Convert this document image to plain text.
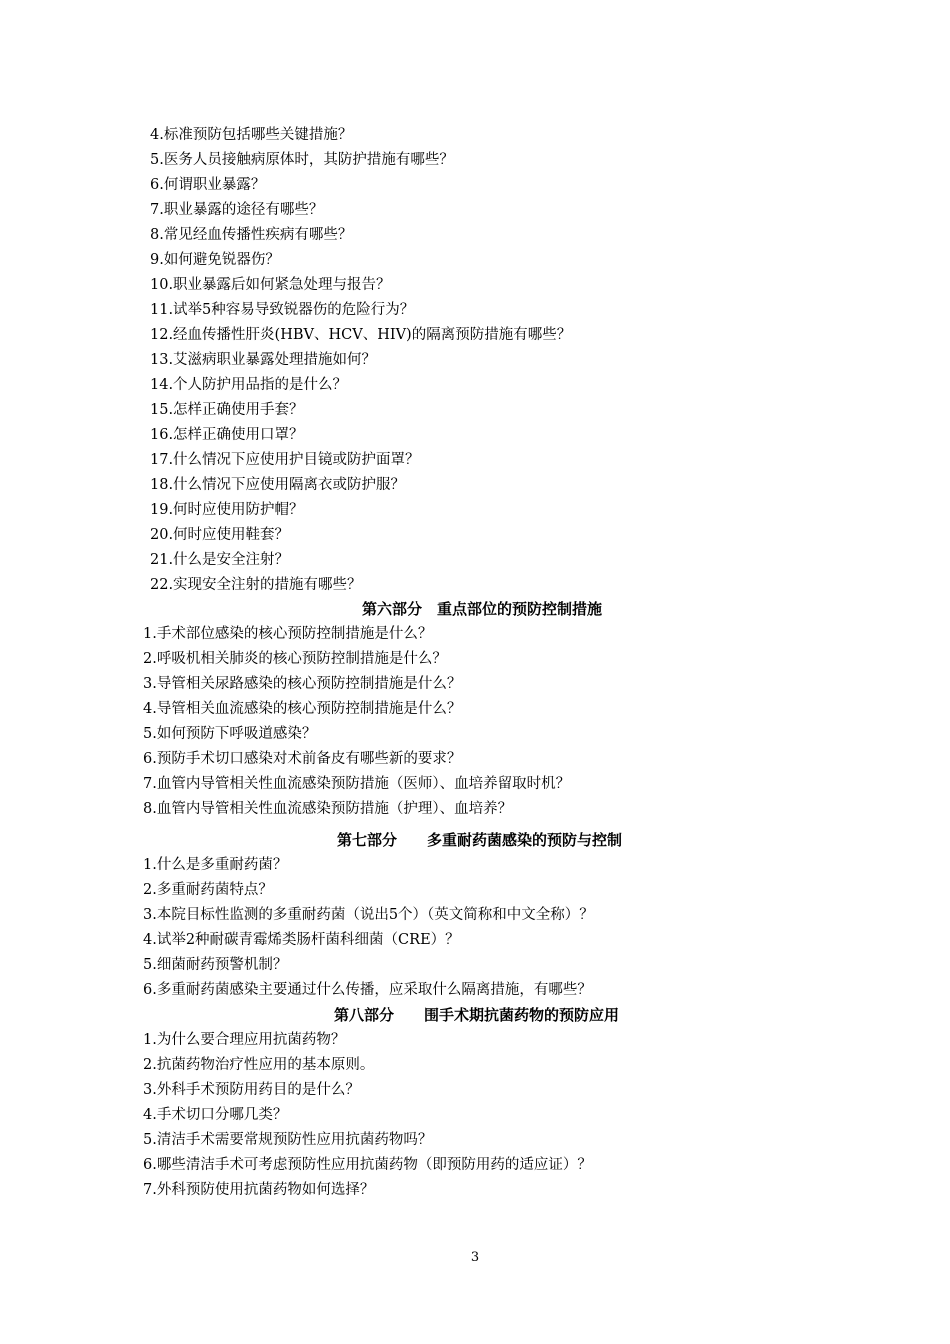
4.标准预防包括哪些关键措施？
5.医务人员接触病原体时，其防护措施有哪些？
6.何谓职业暴露？
7.职业暴露的途径有哪些？
8.常见经血传播性疾病有哪些？
9.如何避免锐器伤？
10.职业暴露后如何紧急处理与报告？
11.试举5种容易导致锐器伤的危险行为？
12.经血传播性肝炎(HBV、HCV、HIV)的隔离预防措施有哪些？
13.艾滋病职业暴露处理措施如何？
14.个人防护用品指的是什么？
15.怎样正确使用手套？
16.怎样正确使用口罩？
17.什么情况下应使用护目镜或防护面罩？
18.什么情况下应使用隔离衣或防护服？
19.何时应使用防护帽？
20.何时应使用鞋套？
21.什么是安全注射？
22.实现安全注射的措施有哪些？
第六部分　重点部位的预防控制措施
1.手术部位感染的核心预防控制措施是什么？
2.呼吸机相关肺炎的核心预防控制措施是什么？
3.导管相关尿路感染的核心预防控制措施是什么？
4.导管相关血流感染的核心预防控制措施是什么？
5.如何预防下呼吸道感染？
6.预防手术切口感染对术前备皮有哪些新的要求？
7.血管内导管相关性血流感染预防措施（医师）、血培养留取时机？
8.血管内导管相关性血流感染预防措施（护理）、血培养？
第七部分　　多重耐药菌感染的预防与控制
1.什么是多重耐药菌？
2.多重耐药菌特点？
3.本院目标性监测的多重耐药菌（说出5个）（英文简称和中文全称）？
4.试举2种耐碳青霉烯类肠杆菌科细菌（CRE）？
5.细菌耐药预警机制？
6.多重耐药菌感染主要通过什么传播，应采取什么隔离措施，有哪些？
第八部分　　围手术期抗菌药物的预防应用
1.为什么要合理应用抗菌药物？
2.抗菌药物治疗性应用的基本原则。
3.外科手术预防用药目的是什么？
4.手术切口分哪几类？
5.清洁手术需要常规预防性应用抗菌药物吗？
6.哪些清洁手术可考虑预防性应用抗菌药物（即预防用药的适应证）？
7.外科预防使用抗菌药物如何选择？
3
